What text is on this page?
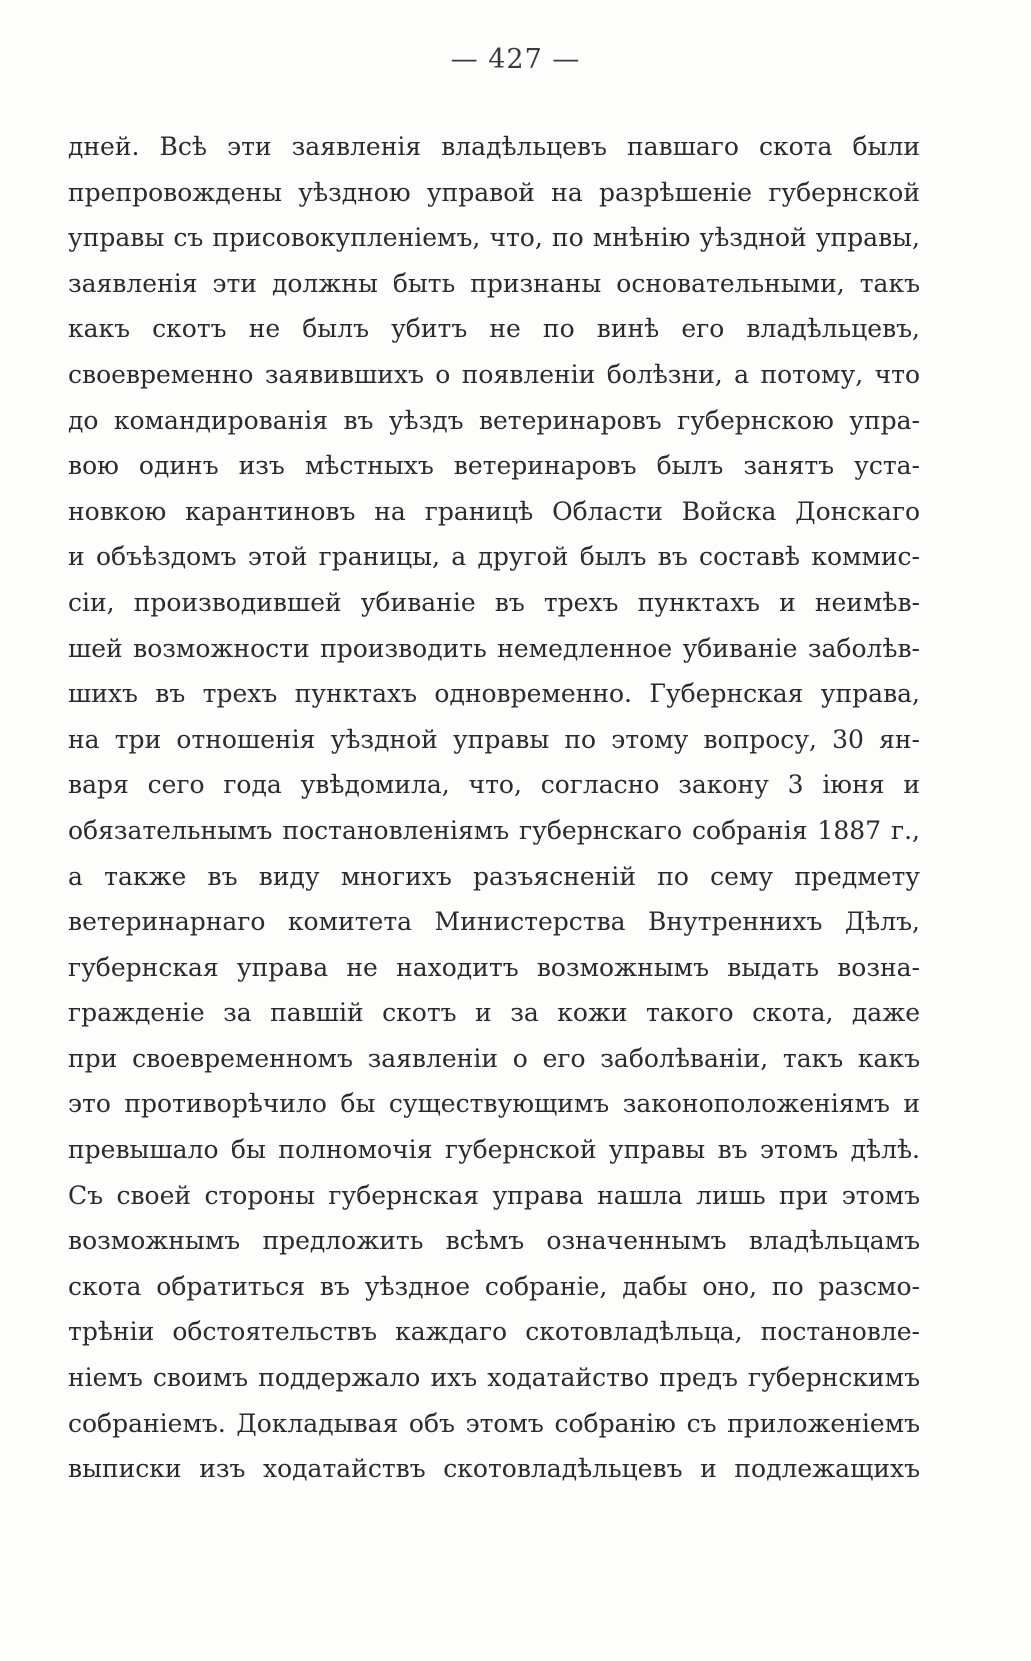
— 427 —
дней. Всѣ эти заявленія владѣльцевъ павшаго скота были
препровождены уѣздною управой на разрѣшеніе губернской
управы съ присовокупленіемъ, что, по мнѣнію уѣздной управы,
заявленія эти должны быть признаны основательными, такъ
какъ скотъ не былъ убитъ не по винѣ его владѣльцевъ,
своевременно заявившихъ о появленіи болѣзни, а потому, что
до командированія въ уѣздъ ветеринаровъ губернскою упра-
вою одинъ изъ мѣстныхъ ветеринаровъ былъ занятъ уста-
новкою карантиновъ на границѣ Области Войска Донскаго
и объѣздомъ этой границы, а другой былъ въ составѣ коммис-
сіи, производившей убиваніе въ трехъ пунктахъ и неимѣв-
шей возможности производить немедленное убиваніе заболѣв-
шихъ въ трехъ пунктахъ одновременно. Губернская управа,
на три отношенія уѣздной управы по этому вопросу, 30 ян-
варя сего года увѣдомила, что, согласно закону 3 іюня и
обязательнымъ постановленіямъ губернскаго собранія 1887 г.,
а также въ виду многихъ разъясненій по сему предмету
ветеринарнаго комитета Министерства Внутреннихъ Дѣлъ,
губернская управа не находитъ возможнымъ выдать возна-
гражденіе за павшій скотъ и за кожи такого скота, даже
при своевременномъ заявленіи о его заболѣваніи, такъ какъ
это противорѣчило бы существующимъ законоположеніямъ и
превышало бы полномочія губернской управы въ этомъ дѣлѣ.
Съ своей стороны губернская управа нашла лишь при этомъ
возможнымъ предложить всѣмъ означеннымъ владѣльцамъ
скота обратиться въ уѣздное собраніе, дабы оно, по разсмо-
трѣніи обстоятельствъ каждаго скотовладѣльца, постановле-
ніемъ своимъ поддержало ихъ ходатайство предъ губернскимъ
собраніемъ. Докладывая объ этомъ собранію съ приложеніемъ
выписки изъ ходатайствъ скотовладѣльцевъ и подлежащихъ
